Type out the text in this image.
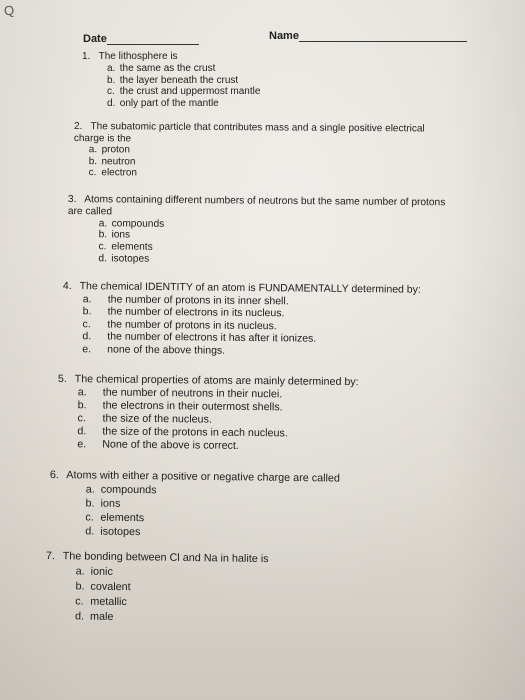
Q
Date	Name
1. The lithosphere is
a. the same as the crust
b. the layer beneath the crust
c. the crust and uppermost mantle
d. only part of the mantle
2. The subatomic particle that contributes mass and a single positive electrical
charge is the
a. proton
b. neutron
c. electron
3. Atoms containing different numbers of neutrons but the same number of protons
are called
a. compounds
b. ions
c. elements
d. isotopes
4. The chemical IDENTITY of an atom is FUNDAMENTALLY determined by:
a. the number of protons in its inner shell.
b. the number of electrons in its nucleus.
c. the number of protons in its nucleus.
d. the number of electrons it has after it ionizes.
e. none of the above things.
5. The chemical properties of atoms are mainly determined by:
a. the number of neutrons in their nuclei.
b. the electrons in their outermost shells.
c. the size of the nucleus.
d. the size of the protons in each nucleus.
e. None of the above is correct.
6. Atoms with either a positive or negative charge are called
a. compounds
b. ions
c. elements
d. isotopes
7. The bonding between Cl and Na in halite is
a. ionic
b. covalent
c. metallic
d. male
